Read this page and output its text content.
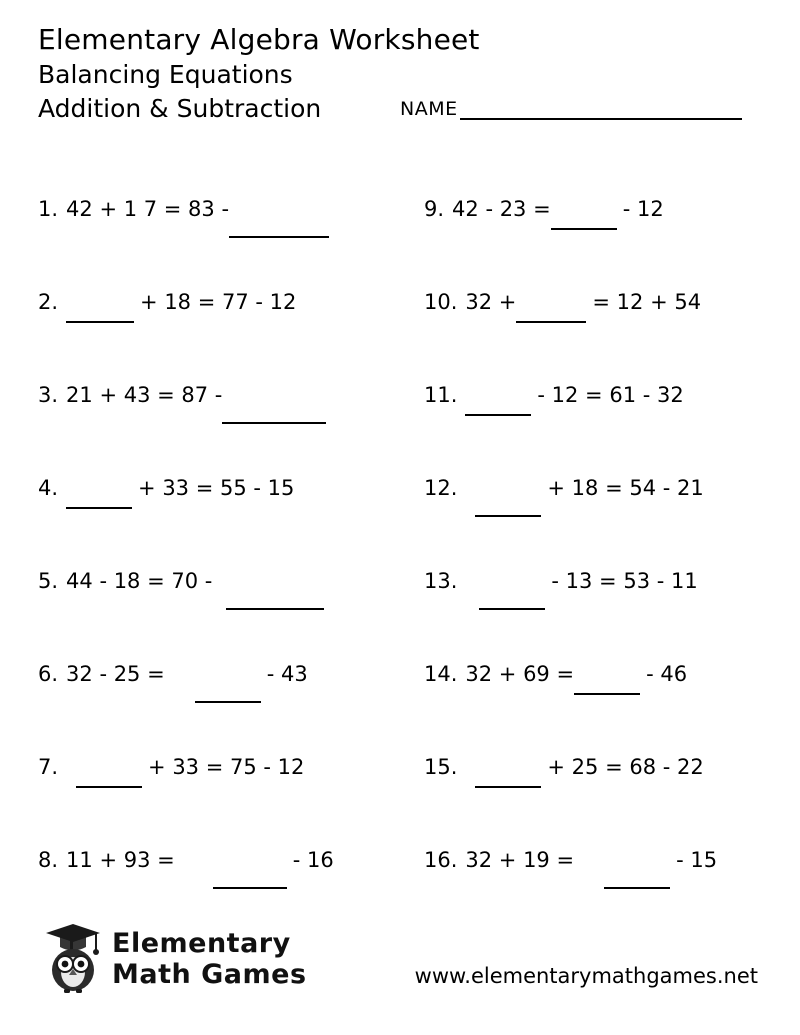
Elementary Algebra Worksheet
Balancing Equations
Addition & Subtraction	NAME
1. 42 + 1 7 = 83 -	9. 42 - 23 =	- 12
2.	+ 18 = 77 - 12	10. 32 +	= 12 + 54
3. 21 + 43 = 87 -	11.	- 12 = 61 - 32
4.	+ 33 = 55 - 15	12.	+ 18 = 54 - 21
5. 44 - 18 = 70 -	13.	- 13 = 53 - 11
6. 32 - 25 =	- 43	14. 32 + 69 =	- 46
7.	+ 33 = 75 - 12	15.	+ 25 = 68 - 22
8. 11 + 93 =	- 16	16. 32 + 19 =	- 15
Elementary
Math Games	www.elementarymathgames.net
